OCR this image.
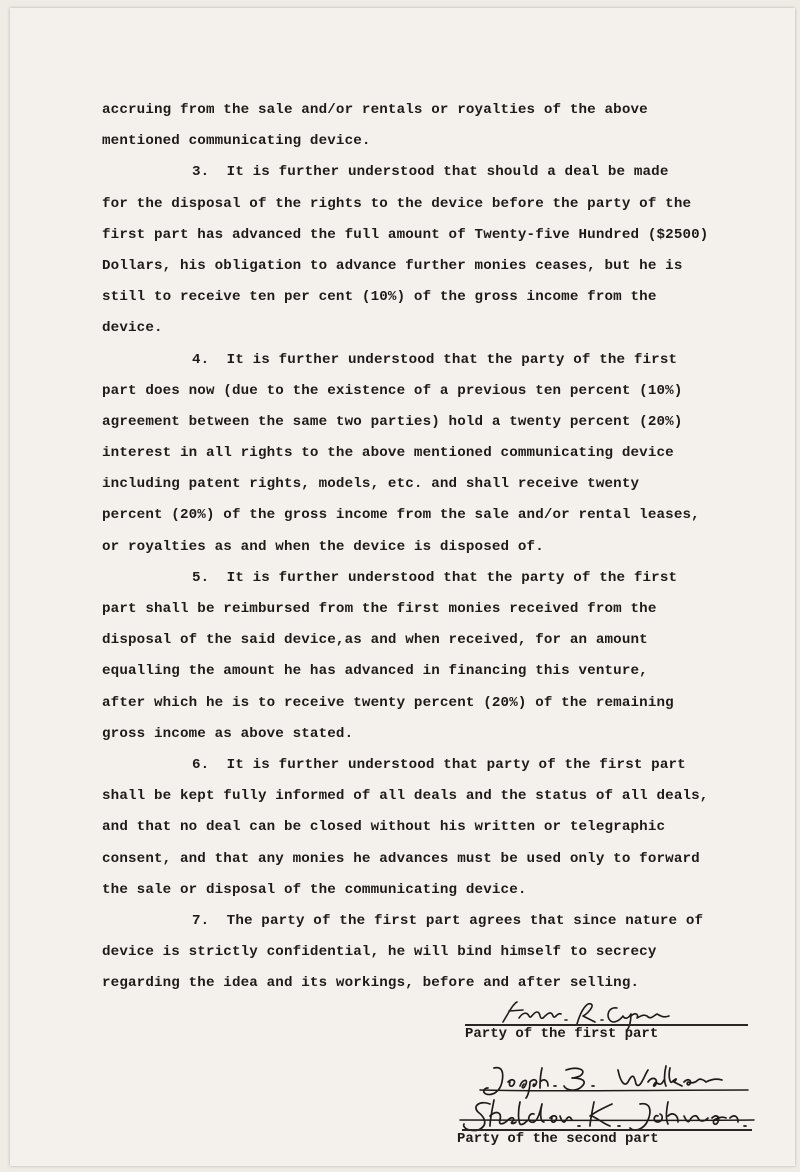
accruing from the sale and/or rentals or royalties of the above
mentioned communicating device.
3. It is further understood that should a deal be made
for the disposal of the rights to the device before the party of the
first part has advanced the full amount of Twenty-five Hundred ($2500)
Dollars, his obligation to advance further monies ceases, but he is
still to receive ten per cent (10%) of the gross income from the
device.
4. It is further understood that the party of the first
part does now (due to the existence of a previous ten percent (10%)
agreement between the same two parties) hold a twenty percent (20%)
interest in all rights to the above mentioned communicating device
including patent rights, models, etc. and shall receive twenty
percent (20%) of the gross income from the sale and/or rental leases,
or royalties as and when the device is disposed of.
5. It is further understood that the party of the first
part shall be reimbursed from the first monies received from the
disposal of the said device,as and when received, for an amount
equalling the amount he has advanced in financing this venture,
after which he is to receive twenty percent (20%) of the remaining
gross income as above stated.
6. It is further understood that party of the first part
shall be kept fully informed of all deals and the status of all deals,
and that no deal can be closed without his written or telegraphic
consent, and that any monies he advances must be used only to forward
the sale or disposal of the communicating device.
7. The party of the first part agrees that since nature of
device is strictly confidential, he will bind himself to secrecy
regarding the idea and its workings, before and after selling.
Party of the first part
Party of the second part
